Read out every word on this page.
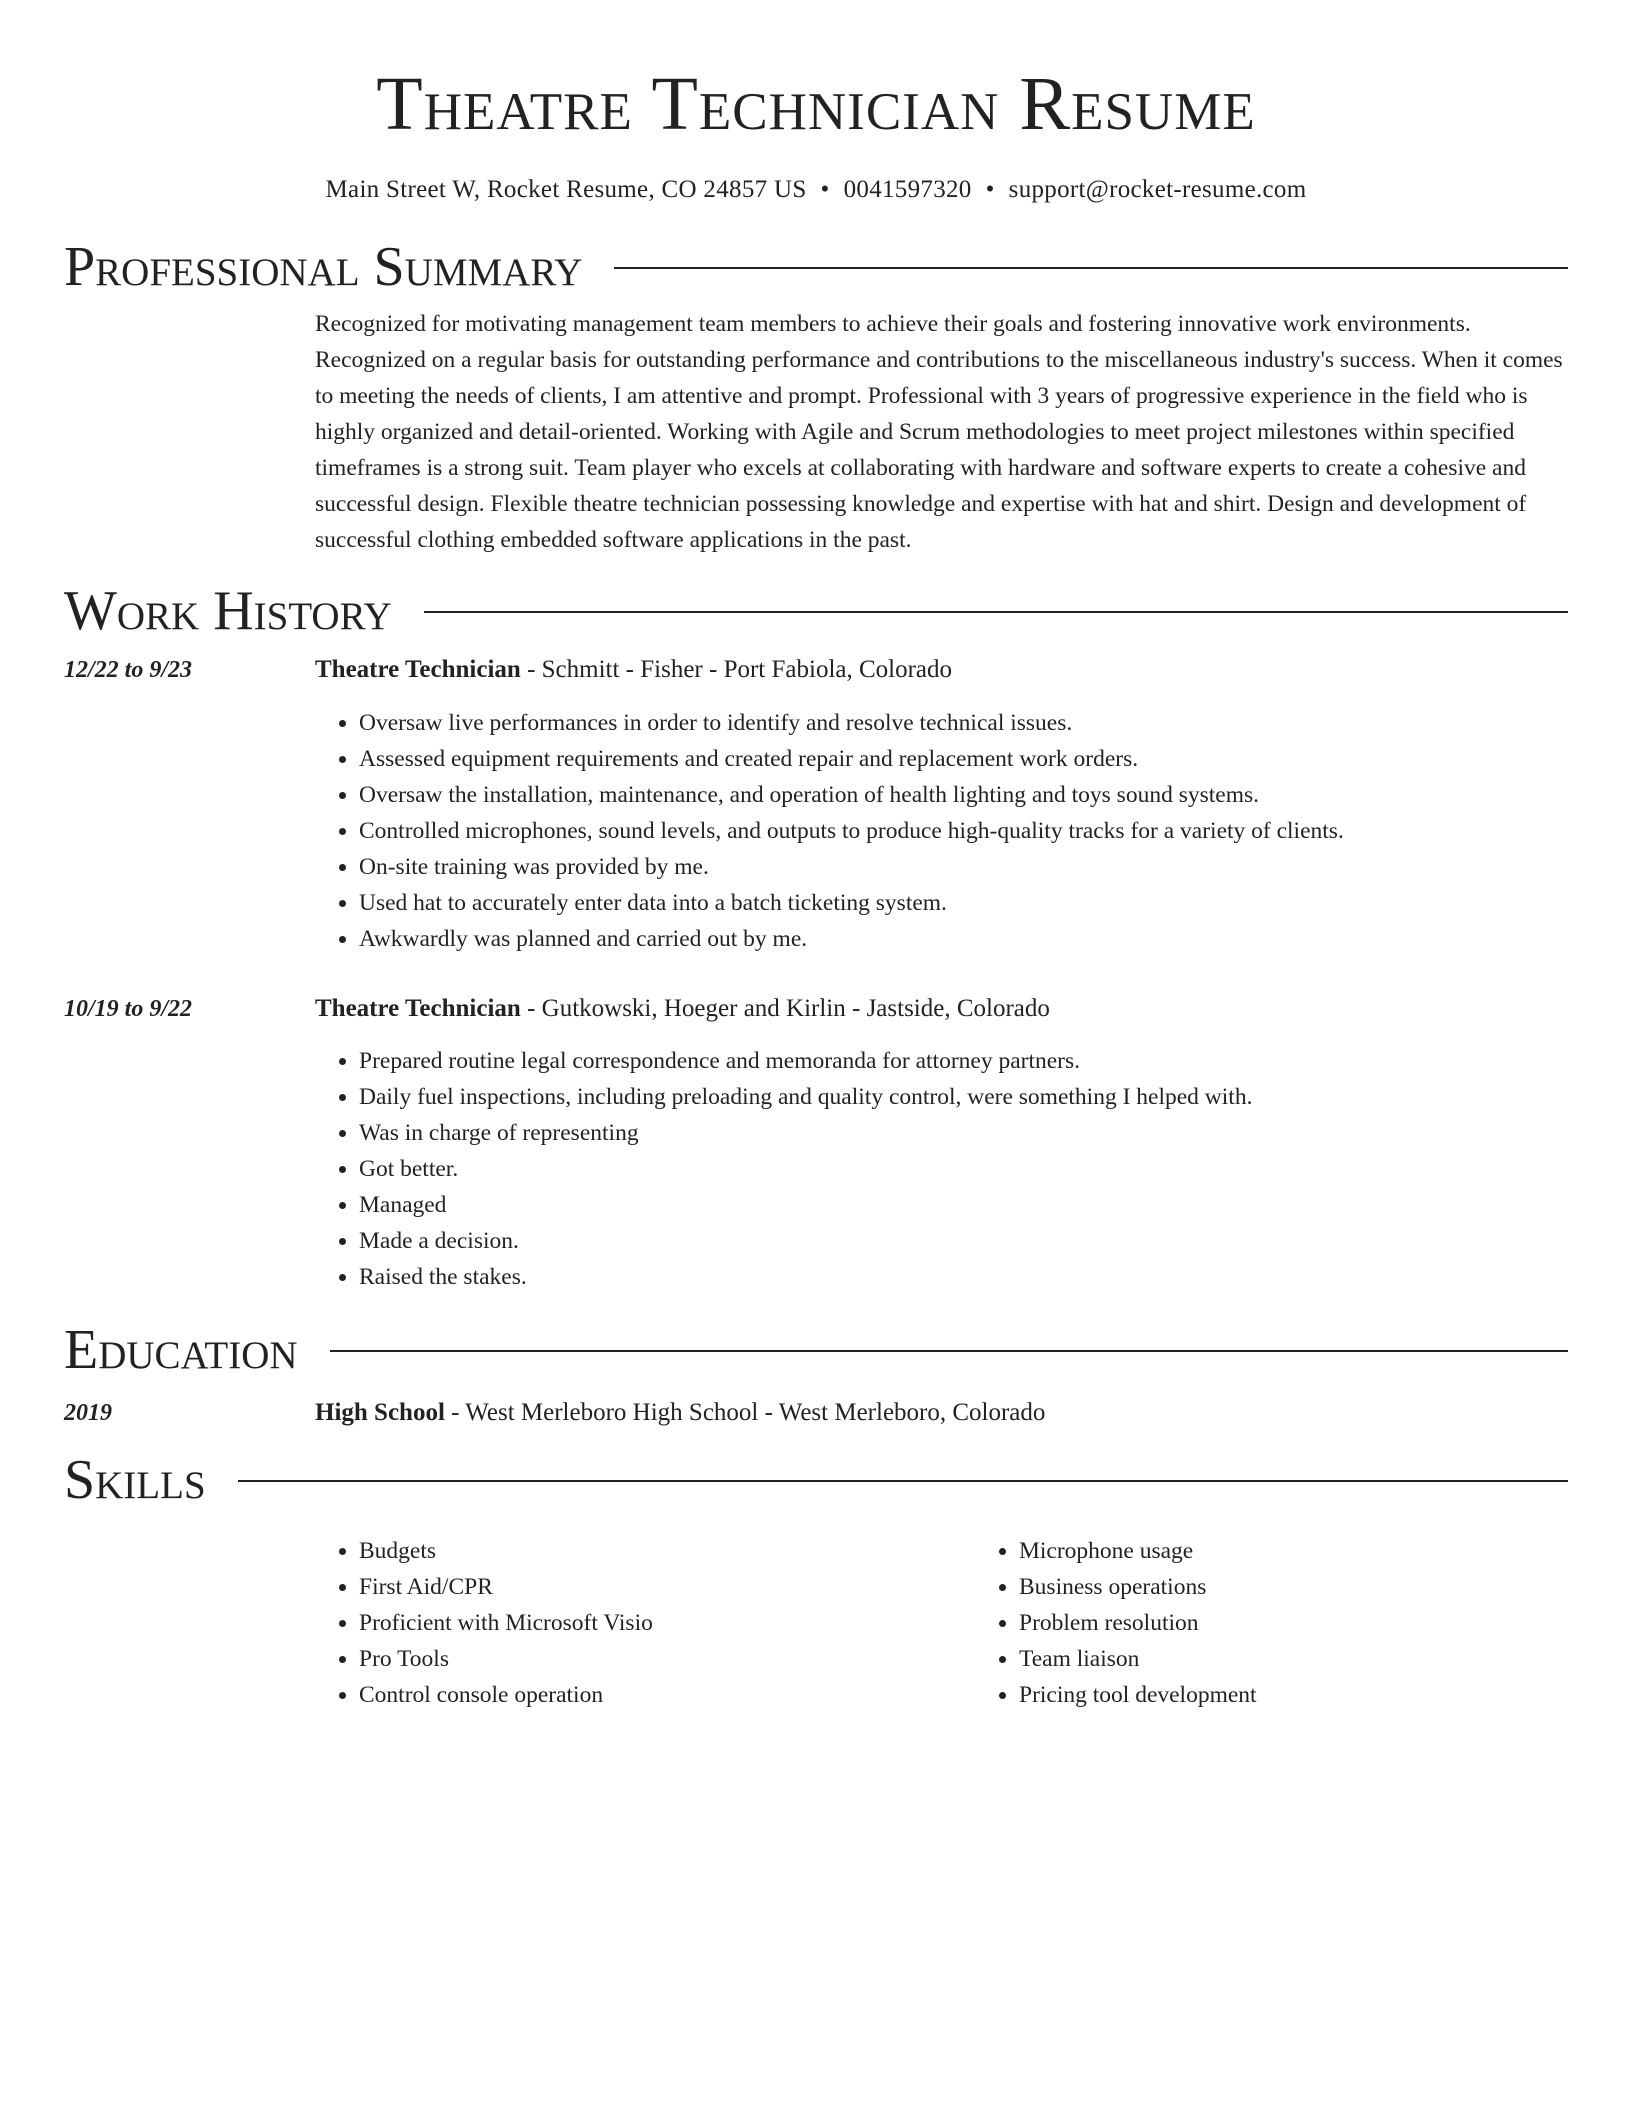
Theatre Technician Resume
Main Street W, Rocket Resume, CO 24857 US • 0041597320 • support@rocket-resume.com
Professional Summary

Recognized for motivating management team members to achieve their goals and fostering innovative work environments. Recognized on a regular basis for outstanding performance and contributions to the miscellaneous industry's success. When it comes to meeting the needs of clients, I am attentive and prompt. Professional with 3 years of progressive experience in the field who is highly organized and detail-oriented. Working with Agile and Scrum methodologies to meet project milestones within specified timeframes is a strong suit. Team player who excels at collaborating with hardware and software experts to create a cohesive and successful design. Flexible theatre technician possessing knowledge and expertise with hat and shirt. Design and development of successful clothing embedded software applications in the past.

Work History
12/22 to 9/23	Theatre Technician - Schmitt - Fisher - Port Fabiola, Colorado
• Oversaw live performances in order to identify and resolve technical issues.
• Assessed equipment requirements and created repair and replacement work orders.
• Oversaw the installation, maintenance, and operation of health lighting and toys sound systems.
• Controlled microphones, sound levels, and outputs to produce high-quality tracks for a variety of clients.
• On-site training was provided by me.
• Used hat to accurately enter data into a batch ticketing system.
• Awkwardly was planned and carried out by me.
10/19 to 9/22	Theatre Technician - Gutkowski, Hoeger and Kirlin - Jastside, Colorado
• Prepared routine legal correspondence and memoranda for attorney partners.
• Daily fuel inspections, including preloading and quality control, were something I helped with.
• Was in charge of representing
• Got better.
• Managed
• Made a decision.
• Raised the stakes.
Education
2019	High School - West Merleboro High School - West Merleboro, Colorado
Skills
• Budgets
• First Aid/CPR
• Proficient with Microsoft Visio
• Pro Tools
• Control console operation
• Microphone usage
• Business operations
• Problem resolution
• Team liaison
• Pricing tool development
